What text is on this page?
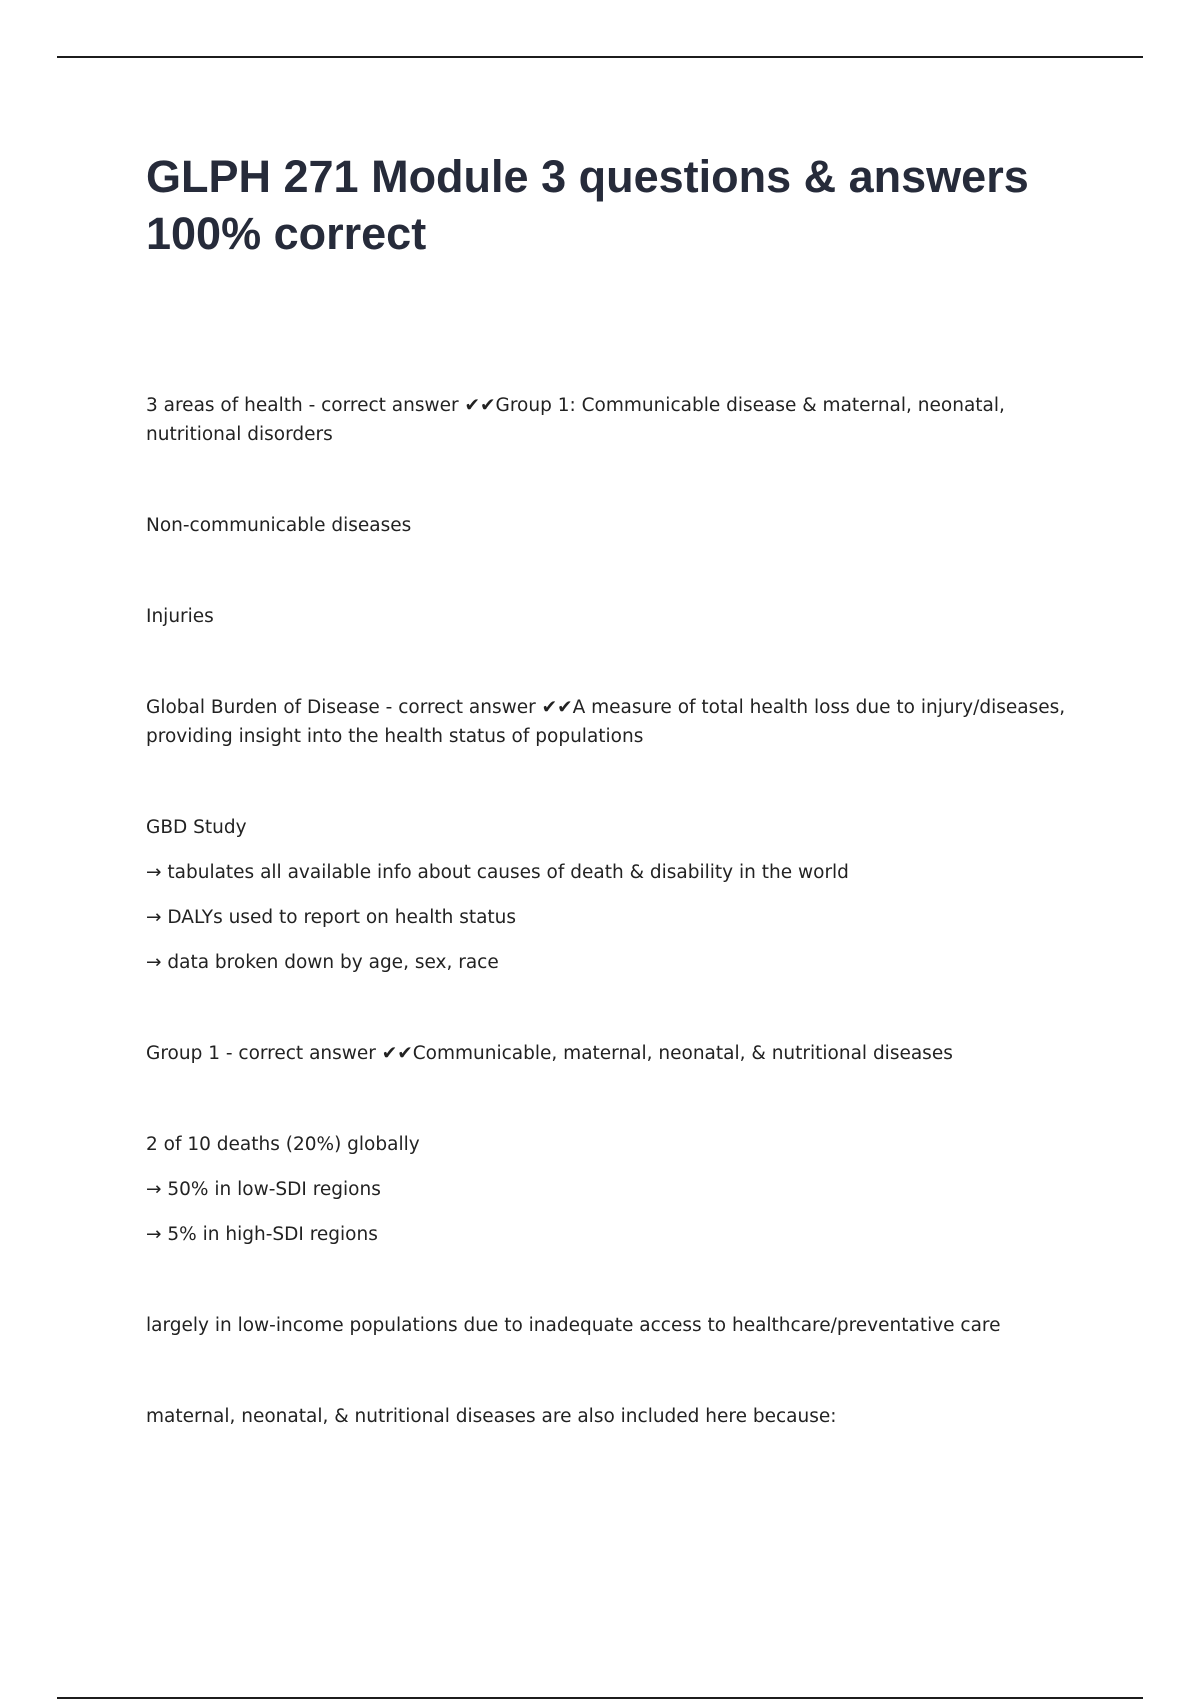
GLPH 271 Module 3 questions & answers 100% correct

3 areas of health - correct answer ✔✔Group 1: Communicable disease & maternal, neonatal, nutritional disorders

Non-communicable diseases

Injuries

Global Burden of Disease - correct answer ✔✔A measure of total health loss due to injury/diseases, providing insight into the health status of populations

GBD Study

→ tabulates all available info about causes of death & disability in the world

→ DALYs used to report on health status

→ data broken down by age, sex, race

Group 1 - correct answer ✔✔Communicable, maternal, neonatal, & nutritional diseases

2 of 10 deaths (20%) globally

→ 50% in low-SDI regions

→ 5% in high-SDI regions

largely in low-income populations due to inadequate access to healthcare/preventative care

maternal, neonatal, & nutritional diseases are also included here because:
